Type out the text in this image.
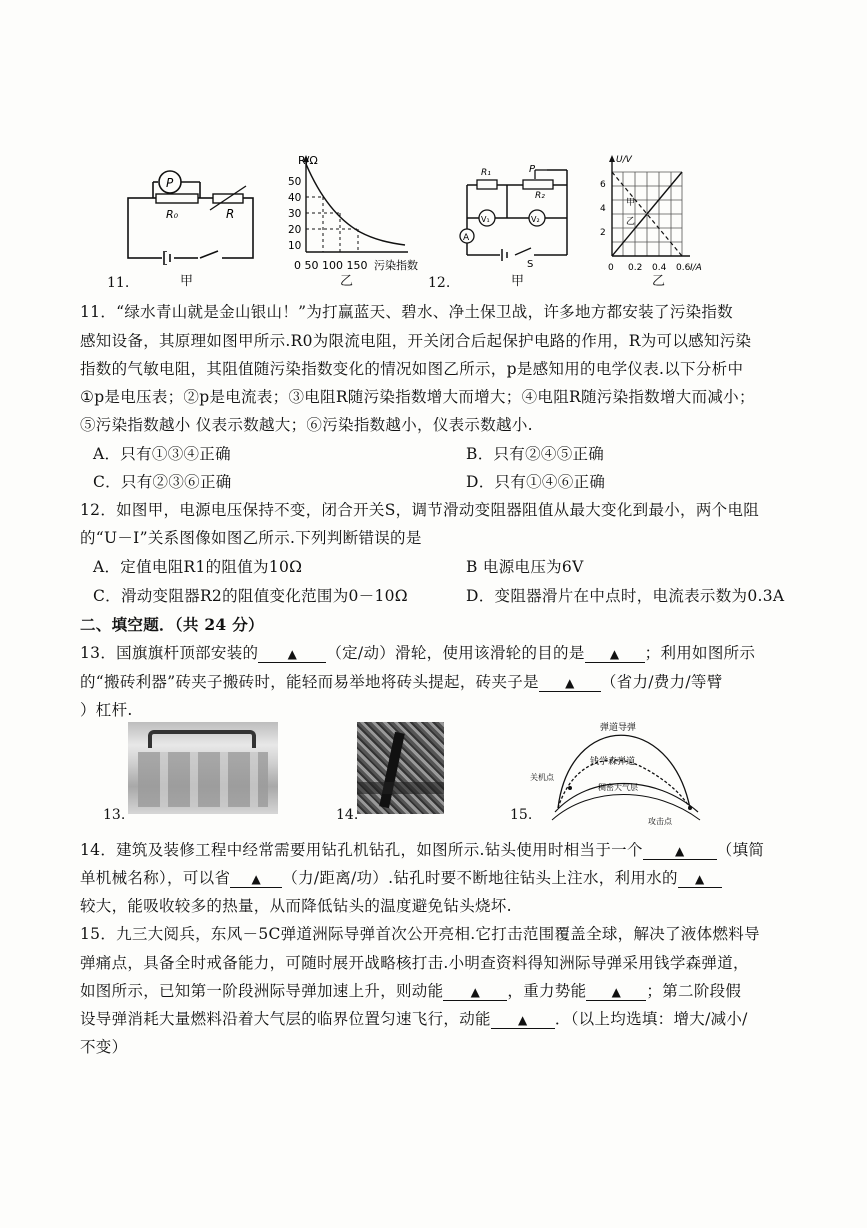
P
R₀	R
11.	甲
R/Ω
50
40
30
20
10
0 50 100 150 污染指数
乙
R₁
R₂
P
V₁	V₂
A
S
12.	甲
U/V
6
4
2
0 0.2 0.4 0.6 I/A
甲
乙
乙
11．“绿水青山就是金山银山！”为打赢蓝天、碧水、净土保卫战，许多地方都安装了污染指数
感知设备，其原理如图甲所示.R0为限流电阻，开关闭合后起保护电路的作用，R为可以感知污染
指数的气敏电阻，其阻值随污染指数变化的情况如图乙所示，p是感知用的电学仪表.以下分析中
①p是电压表；②p是电流表；③电阻R随污染指数增大而增大；④电阻R随污染指数增大而减小；
⑤污染指数越小 仪表示数越大；⑥污染指数越小，仪表示数越小.
A．只有①③④正确	B．只有②④⑤正确
C．只有②③⑥正确	D．只有①④⑥正确
12．如图甲，电源电压保持不变，闭合开关S，调节滑动变阻器阻值从最大变化到最小，两个电阻
的“U－I”关系图像如图乙所示.下列判断错误的是
A．定值电阻R1的阻值为10Ω	B 电源电压为6V
C．滑动变阻器R2的阻值变化范围为0－10Ω	D．变阻器滑片在中点时，电流表示数为0.3A
二、填空题．（共 24 分）
13．国旗旗杆顶部安装的 ▲ （定/动）滑轮，使用该滑轮的目的是 ▲ ；利用如图所示
的“搬砖利器”砖夹子搬砖时，能轻而易举地将砖头提起，砖夹子是 ▲ （省力/费力/等臂
）杠杆.
13.	14.
弹道导弹
钱学森弹道
关机点
稠密大气层
攻击点
15.
14．建筑及装修工程中经常需要用钻孔机钻孔，如图所示.钻头使用时相当于一个	▲ （填简
单机械名称），可以省 ▲ （力/距离/功）.钻孔时要不断地往钻头上注水，利用水的 ▲
较大，能吸收较多的热量，从而降低钻头的温度避免钻头烧坏.
15．九三大阅兵，东风－5C弹道洲际导弹首次公开亮相.它打击范围覆盖全球，解决了液体燃料导
弹痛点，具备全时戒备能力，可随时展开战略核打击.小明查资料得知洲际导弹采用钱学森弹道，
如图所示，已知第一阶段洲际导弹加速上升，则动能 ▲ ，重力势能 ▲ ；第二阶段假
设导弹消耗大量燃料沿着大气层的临界位置匀速飞行，动能 ▲ ．（以上均选填：增大/减小/
不变）
